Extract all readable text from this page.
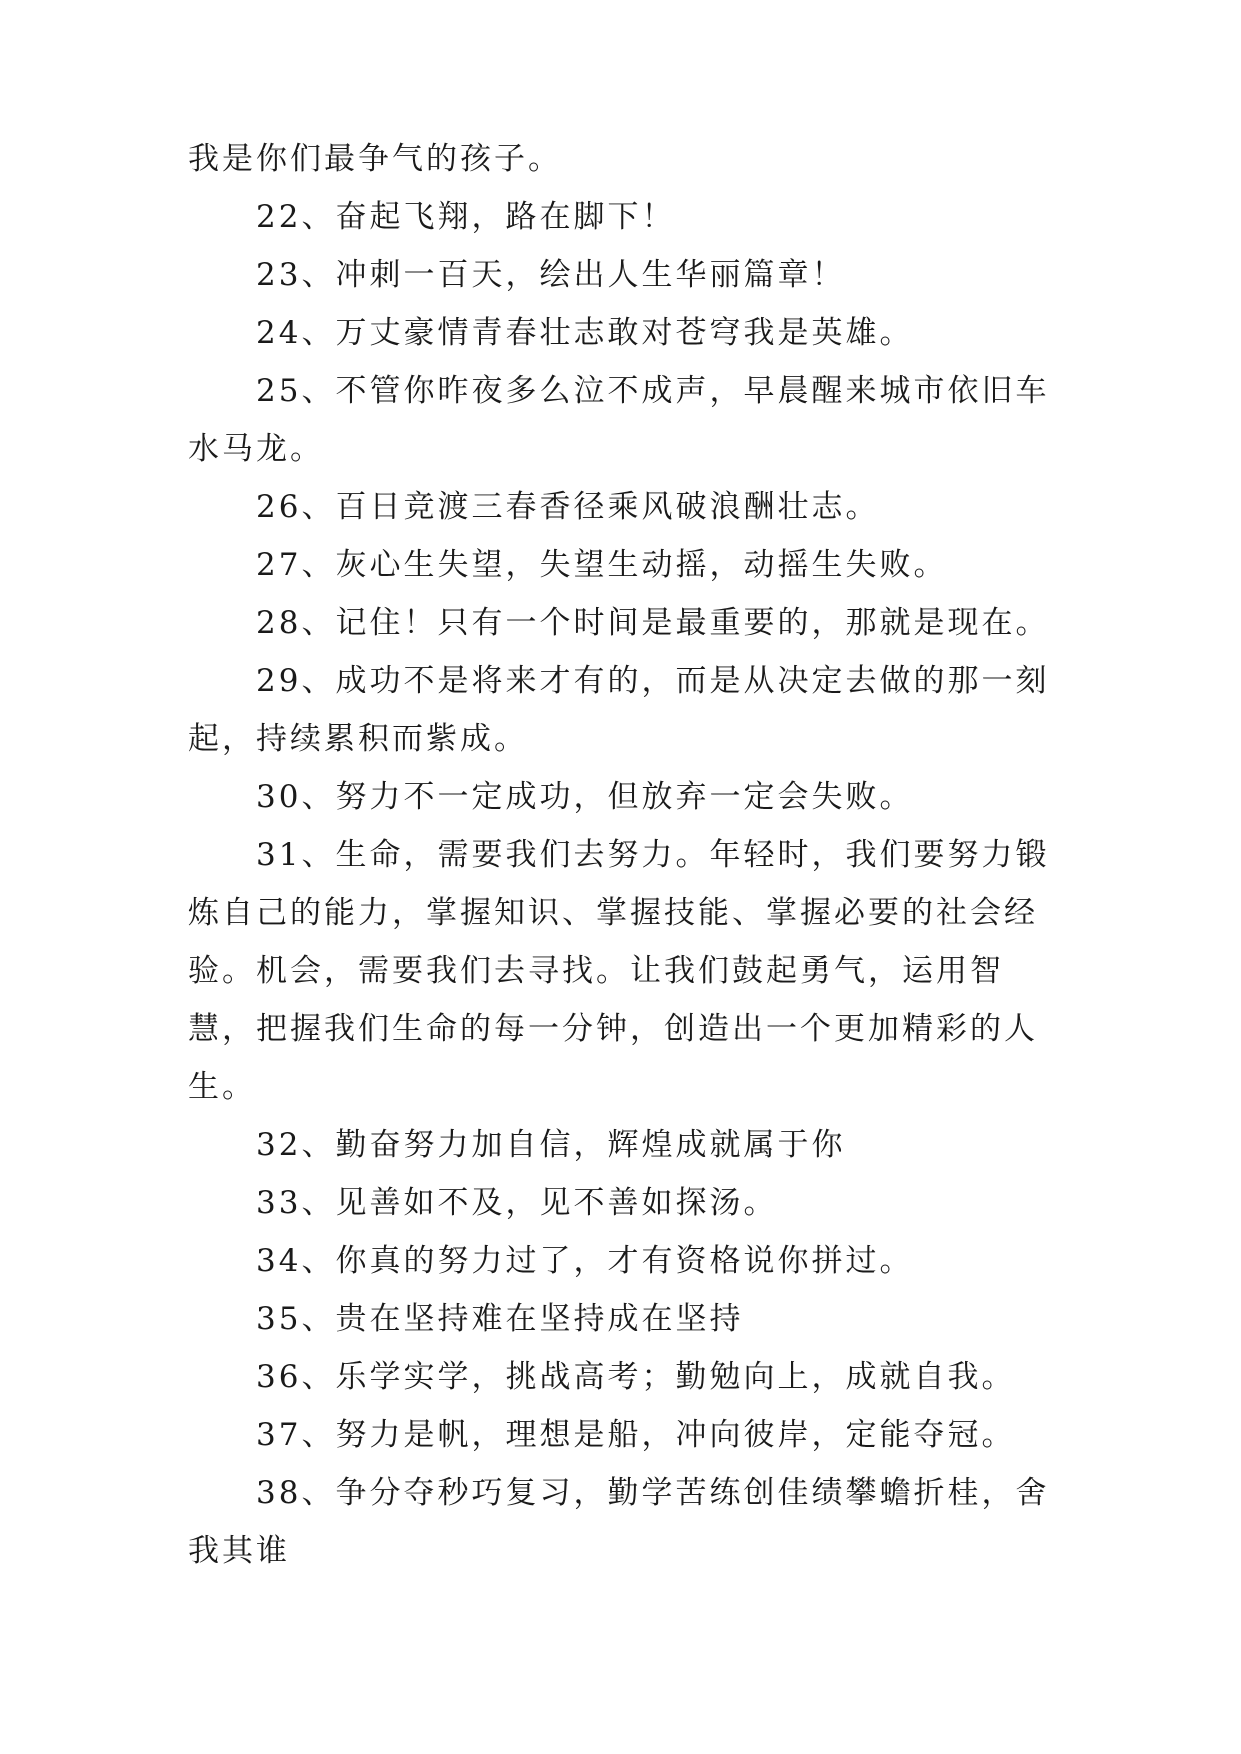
我是你们最争气的孩子。

22、奋起飞翔，路在脚下！

23、冲刺一百天，绘出人生华丽篇章！

24、万丈豪情青春壮志敢对苍穹我是英雄。

25、不管你昨夜多么泣不成声，早晨醒来城市依旧车水马龙。

26、百日竞渡三春香径乘风破浪酬壮志。

27、灰心生失望，失望生动摇，动摇生失败。

28、记住！只有一个时间是最重要的，那就是现在。

29、成功不是将来才有的，而是从决定去做的那一刻起，持续累积而紫成。

30、努力不一定成功，但放弃一定会失败。

31、生命，需要我们去努力。年轻时，我们要努力锻炼自己的能力，掌握知识、掌握技能、掌握必要的社会经验。机会，需要我们去寻找。让我们鼓起勇气，运用智慧，把握我们生命的每一分钟，创造出一个更加精彩的人生。

32、勤奋努力加自信，辉煌成就属于你

33、见善如不及，见不善如探汤。

34、你真的努力过了，才有资格说你拼过。

35、贵在坚持难在坚持成在坚持

36、乐学实学，挑战高考；勤勉向上，成就自我。

37、努力是帆，理想是船，冲向彼岸，定能夺冠。

38、争分夺秒巧复习，勤学苦练创佳绩攀蟾折桂，舍我其谁
